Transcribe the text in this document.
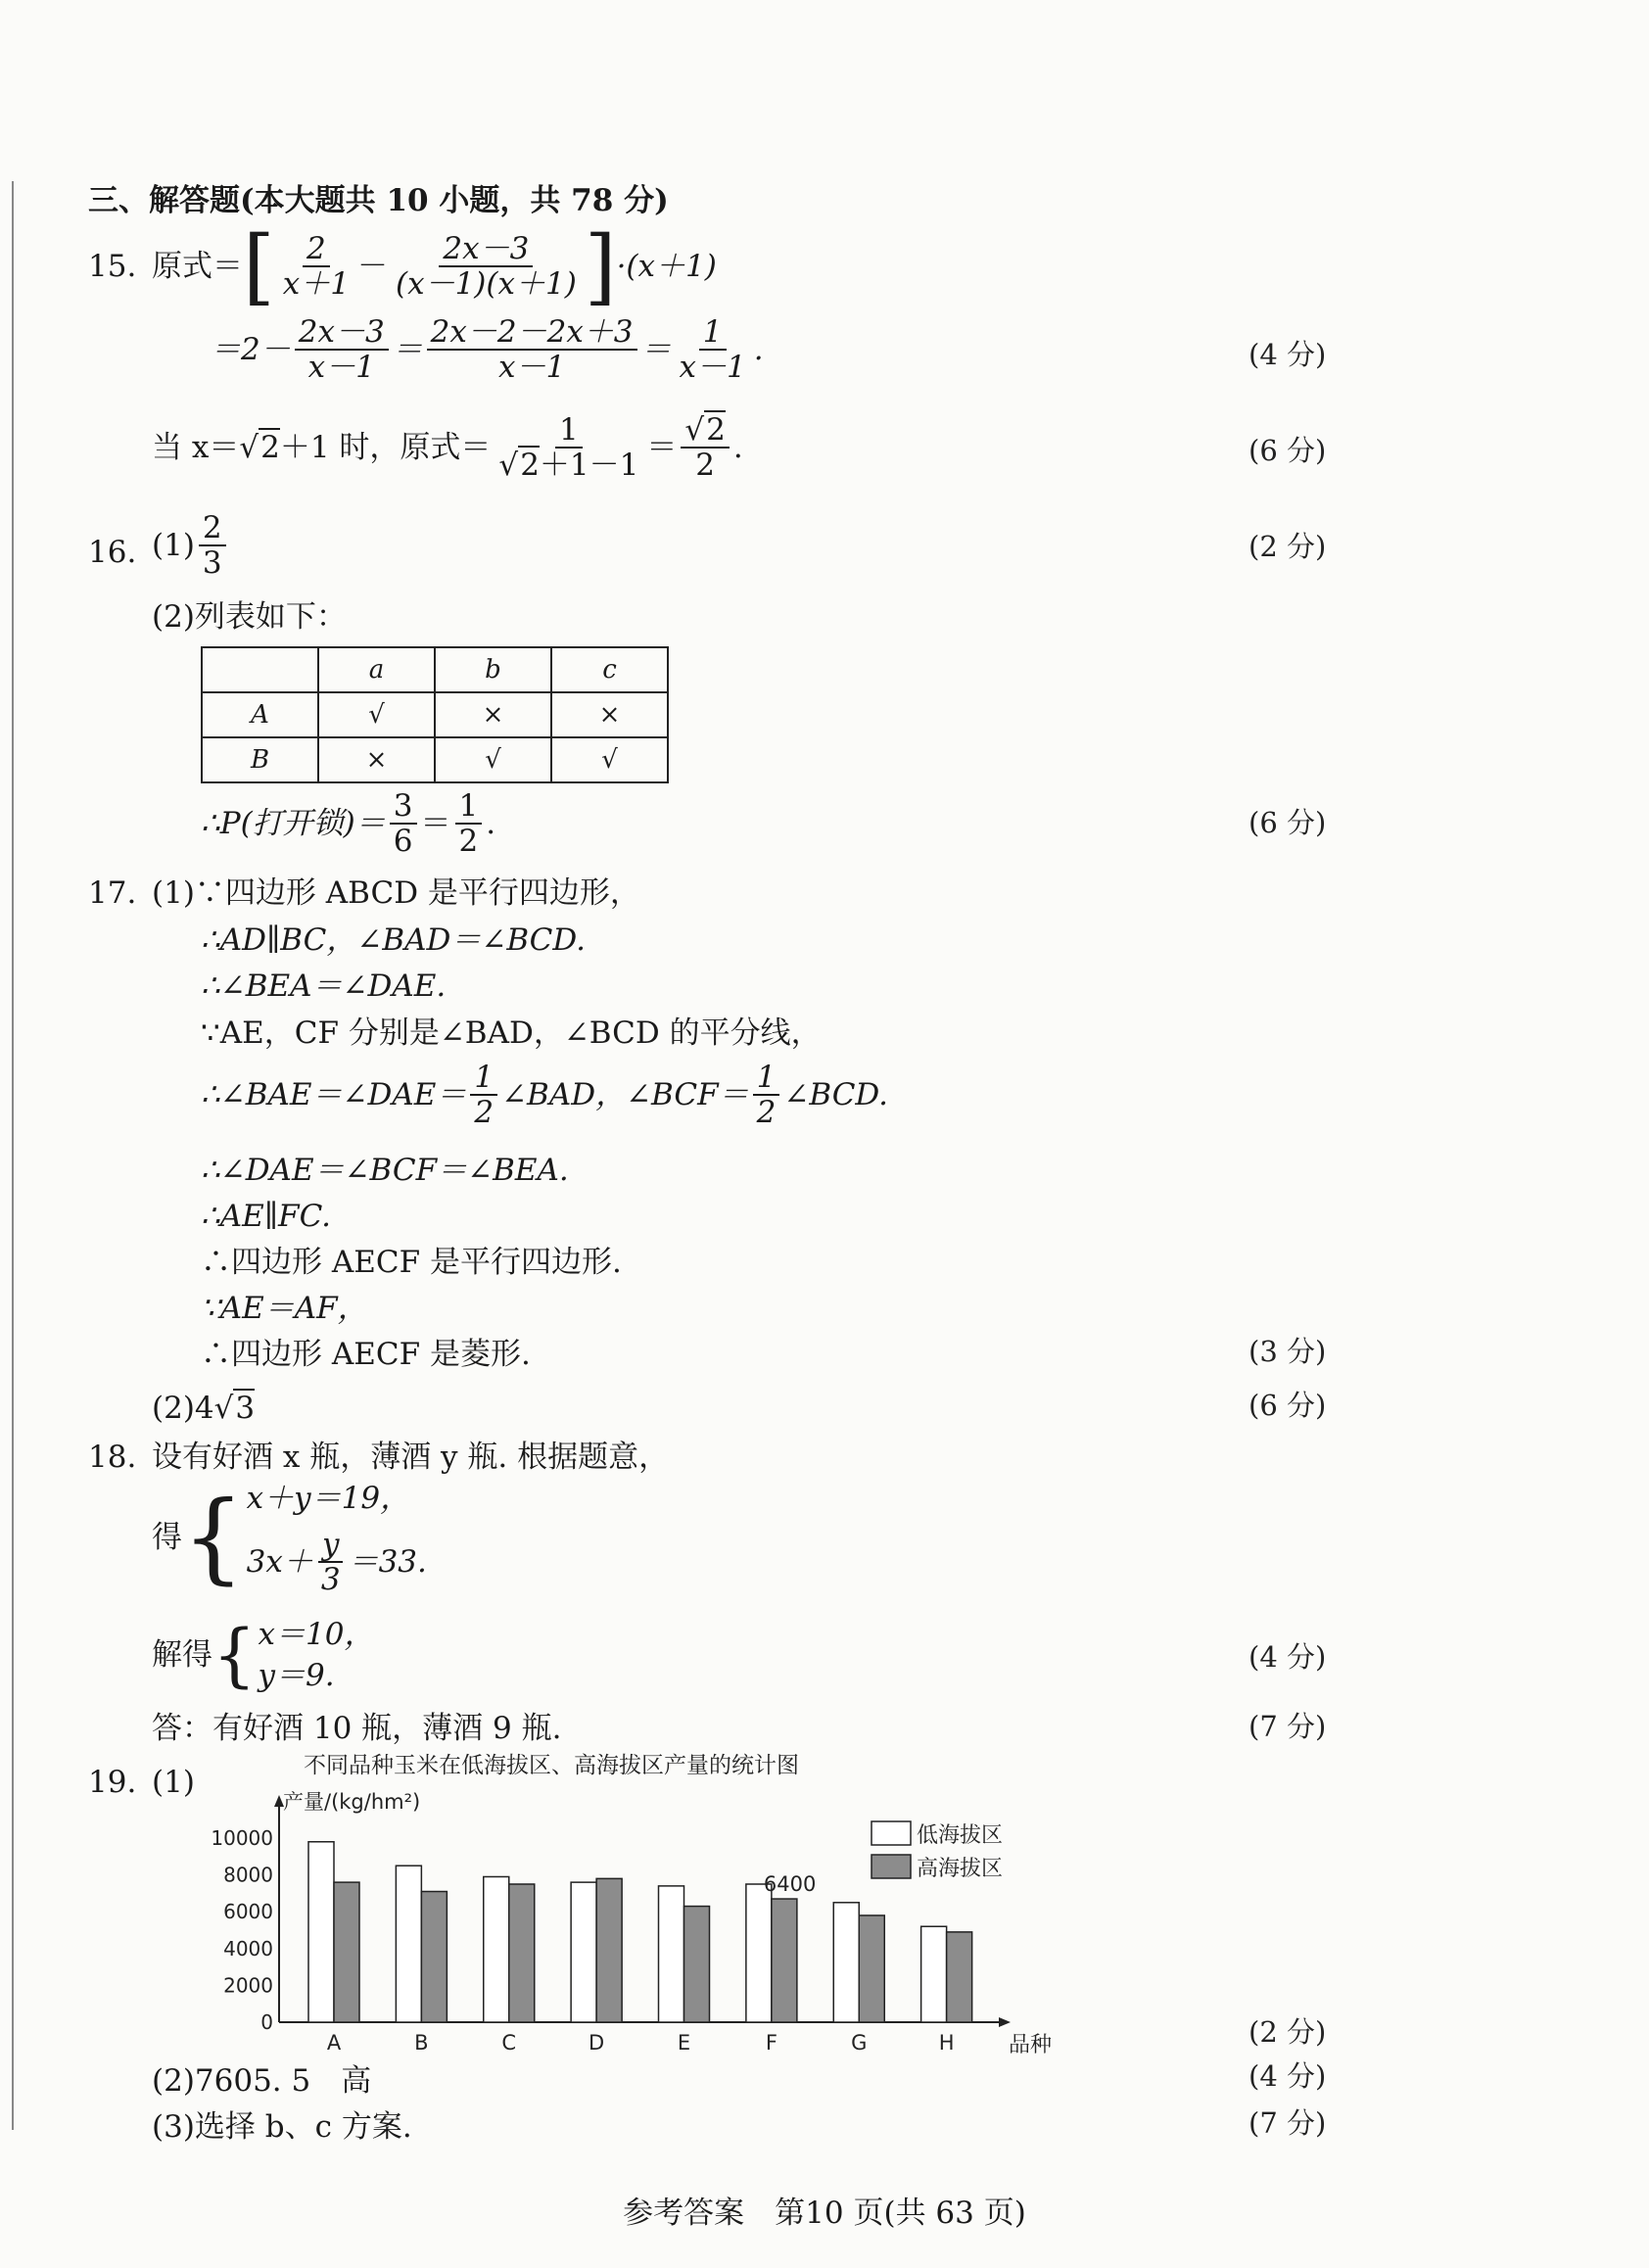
三、解答题(本大题共 10 小题，共 78 分)
15. 原式＝ [ $\frac{2}{x+1} - \frac{2x-3}{(x-1)(x+1)}$ ] ·(x＋1)
$=2- \frac{2x-3}{x-1} = \frac{2x-2-2x+3}{x-1} = \frac{1}{x-1}$ .	(4 分)
当 x＝ √2 ＋1 时，原式＝ $\frac{1}{√2+1-1} = \frac{√2}{2}$ .	(6 分)
16. $(1) \frac{2}{3}$	(2 分)
(2)列表如下：
	a	b	c
A	√	×	×
B	×	√	√
∴P(打开锁)＝ $\frac{3}{6} = \frac{1}{2}$ .	(6 分)
17. (1)∵四边形 ABCD 是平行四边形，
∴AD∥BC，∠BAD＝∠BCD.
∴∠BEA＝∠DAE.
∵AE，CF 分别是∠BAD，∠BCD 的平分线，
∴∠BAE＝∠DAE＝ $\frac{1}{2}$ ∠BAD，∠BCF＝ $\frac{1}{2}$ ∠BCD.
∴∠DAE＝∠BCF＝∠BEA.
∴AE∥FC.
∴四边形 AECF 是平行四边形.
∵AE＝AF，
∴四边形 AECF 是菱形.	(3 分)
(2)4√3	(6 分)
18. 设有好酒 x 瓶，薄酒 y 瓶. 根据题意，
得 { x＋y＝19，
$3x+ \frac{y}{3} =33$.
解得 { x＝10，
y＝9.
(4 分)
答：有好酒 10 瓶，薄酒 9 瓶.	(7 分)
19. (1)	不同品种玉米在低海拔区、高海拔区产量的统计图
产量/(kg/hm²)
品种
0
2000
4000
6000
8000
10000
A	B	C	D	E	F	G	H
6400
低海拔区
高海拔区
(2 分)
(2)7605. 5　高	(4 分)
(3)选择 b、c 方案.	(7 分)
参考答案　第10 页(共 63 页)
